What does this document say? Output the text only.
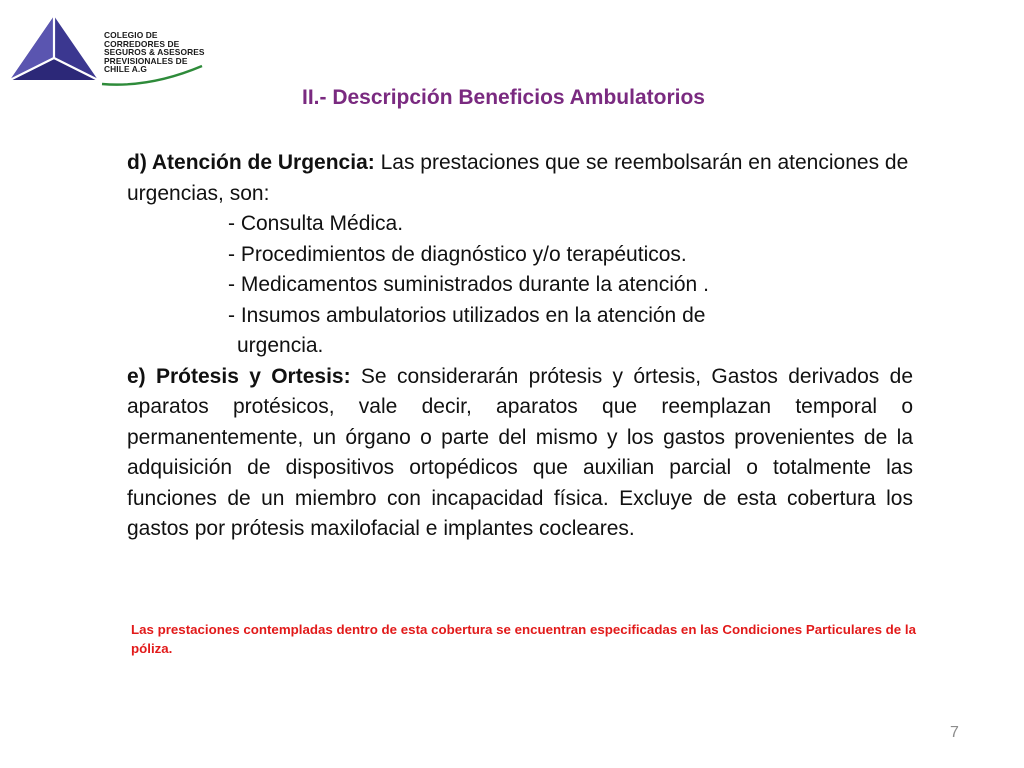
COLEGIO DE
CORREDORES DE
SEGUROS & ASESORES
PREVISIONALES DE
CHILE A.G
II.- Descripción Beneficios Ambulatorios

d) Atención de Urgencia: Las prestaciones que se reembolsarán en atenciones de urgencias, son:

- Consulta Médica.

- Procedimientos de diagnóstico y/o terapéuticos.

- Medicamentos suministrados durante la atención .

- Insumos ambulatorios utilizados en la atención de

urgencia.

e) Prótesis y Ortesis: Se considerarán prótesis y órtesis, Gastos derivados de aparatos protésicos, vale decir, aparatos que reemplazan temporal o permanentemente, un órgano o parte del mismo y los gastos provenientes de la adquisición de dispositivos ortopédicos que auxilian parcial o totalmente las funciones de un miembro con incapacidad física. Excluye de esta cobertura los gastos por prótesis maxilofacial e implantes cocleares.

Las prestaciones contempladas dentro de esta cobertura se encuentran especificadas en las Condiciones Particulares de la póliza.
7
